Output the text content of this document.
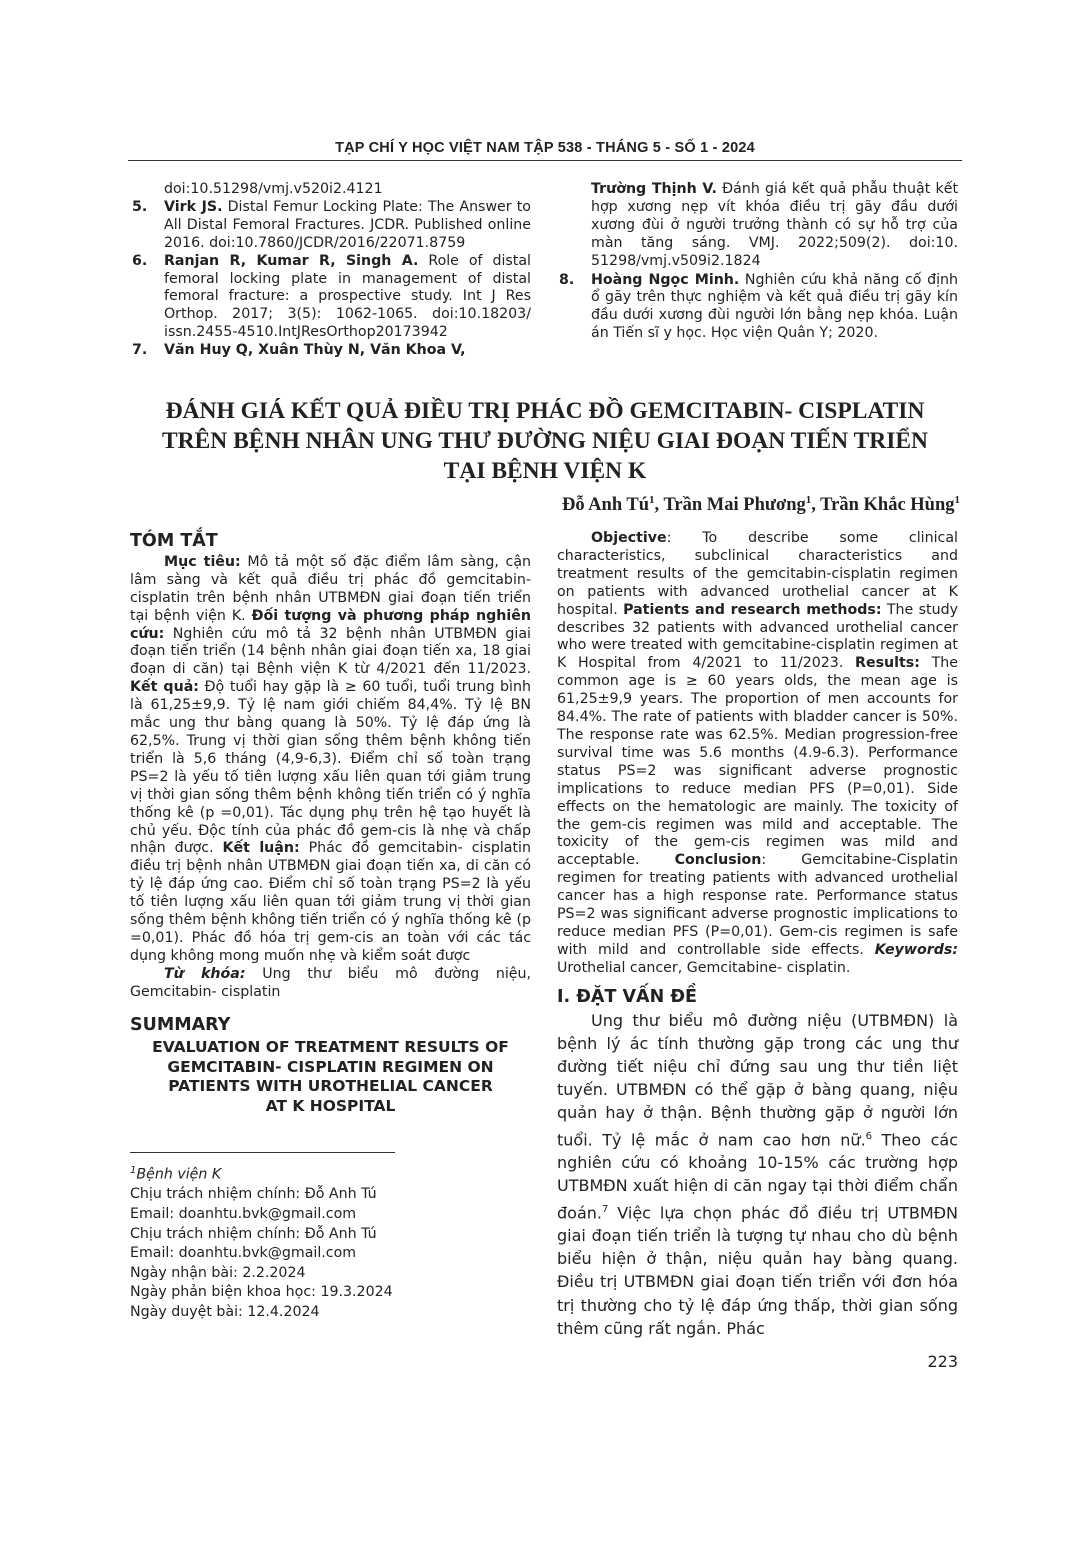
TẠP CHÍ Y HỌC VIỆT NAM TẬP 538 - THÁNG 5 - SỐ 1 - 2024
doi:10.51298/vmj.v520i2.4121
5. Virk JS. Distal Femur Locking Plate: The Answer to All Distal Femoral Fractures. JCDR. Published online 2016. doi:10.7860/JCDR/2016/22071.8759
6. Ranjan R, Kumar R, Singh A. Role of distal femoral locking plate in management of distal femoral fracture: a prospective study. Int J Res Orthop. 2017; 3(5): 1062-1065. doi:10.18203/ issn.2455-4510.IntJResOrthop20173942
7. Văn Huy Q, Xuân Thùy N, Văn Khoa V,
Trường Thịnh V. Đánh giá kết quả phẫu thuật kết hợp xương nẹp vít khóa điều trị gãy đầu dưới xương đùi ở người trưởng thành có sự hỗ trợ của màn tăng sáng. VMJ. 2022;509(2). doi:10. 51298/vmj.v509i2.1824
8. Hoàng Ngọc Minh. Nghiên cứu khả năng cố định ổ gãy trên thực nghiệm và kết quả điều trị gãy kín đầu dưới xương đùi người lớn bằng nẹp khóa. Luận án Tiến sĩ y học. Học viện Quân Y; 2020.
ĐÁNH GIÁ KẾT QUẢ ĐIỀU TRỊ PHÁC ĐỒ GEMCITABIN- CISPLATIN
TRÊN BỆNH NHÂN UNG THƯ ĐƯỜNG NIỆU GIAI ĐOẠN TIẾN TRIỂN
TẠI BỆNH VIỆN K
Đỗ Anh $Tú^1$, Trần Mai Phương$^1$, Trần Khắc Hùng$^1$
TÓM TẮT

Mục tiêu: Mô tả một số đặc điểm lâm sàng, cận lâm sàng và kết quả điều trị phác đồ gemcitabin-cisplatin trên bệnh nhân UTBMĐN giai đoạn tiến triển tại bệnh viện K. Đối tượng và phương pháp nghiên cứu: Nghiên cứu mô tả 32 bệnh nhân UTBMĐN giai đoạn tiến triển (14 bệnh nhân giai đoạn tiến xa, 18 giai đoạn di căn) tại Bệnh viện K từ 4/2021 đến 11/2023. Kết quả: Độ tuổi hay gặp là ≥ 60 tuổi, tuổi trung bình là 61,25±9,9. Tỷ lệ nam giới chiếm 84,4%. Tỷ lệ BN mắc ung thư bàng quang là 50%. Tỷ lệ đáp ứng là 62,5%. Trung vị thời gian sống thêm bệnh không tiến triển là 5,6 tháng (4,9-6,3). Điểm chỉ số toàn trạng PS=2 là yếu tố tiên lượng xấu liên quan tới giảm trung vị thời gian sống thêm bệnh không tiến triển có ý nghĩa thống kê (p =0,01). Tác dụng phụ trên hệ tạo huyết là chủ yếu. Độc tính của phác đồ gem-cis là nhẹ và chấp nhận được. Kết luận: Phác đồ gemcitabin- cisplatin điều trị bệnh nhân UTBMĐN giai đoạn tiến xa, di căn có tỷ lệ đáp ứng cao. Điểm chỉ số toàn trạng PS=2 là yếu tố tiên lượng xấu liên quan tới giảm trung vị thời gian sống thêm bệnh không tiến triển có ý nghĩa thống kê (p =0,01). Phác đồ hóa trị gem-cis an toàn với các tác dụng không mong muốn nhẹ và kiểm soát được

Từ khóa: Ung thư biểu mô đường niệu, Gemcitabin- cisplatin

SUMMARY
EVALUATION OF TREATMENT RESULTS OF
GEMCITABIN- CISPLATIN REGIMEN ON
PATIENTS WITH UROTHELIAL CANCER
AT K HOSPITAL
$^1$Bệnh viện K
Chịu trách nhiệm chính: Đỗ Anh Tú
Email: doanhtu.bvk@gmail.com
Chịu trách nhiệm chính: Đỗ Anh Tú
Email: doanhtu.bvk@gmail.com
Ngày nhận bài: 2.2.2024
Ngày phản biện khoa học: 19.3.2024
Ngày duyệt bài: 12.4.2024

Objective: To describe some clinical characteristics, subclinical characteristics and treatment results of the gemcitabin-cisplatin regimen on patients with advanced urothelial cancer at K hospital. Patients and research methods: The study describes 32 patients with advanced urothelial cancer who were treated with gemcitabine-cisplatin regimen at K Hospital from 4/2021 to 11/2023. Results: The common age is ≥ 60 years olds, the mean age is 61,25±9,9 years. The proportion of men accounts for 84.4%. The rate of patients with bladder cancer is 50%. The response rate was 62.5%. Median progression-free survival time was 5.6 months (4.9-6.3). Performance status PS=2 was significant adverse prognostic implications to reduce median PFS (P=0,01). Side effects on the hematologic are mainly. The toxicity of the gem-cis regimen was mild and acceptable. The toxicity of the gem-cis regimen was mild and acceptable. Conclusion: Gemcitabine-Cisplatin regimen for treating patients with advanced urothelial cancer has a high response rate. Performance status PS=2 was significant adverse prognostic implications to reduce median PFS (P=0,01). Gem-cis regimen is safe with mild and controllable side effects. Keywords: Urothelial cancer, Gemcitabine- cisplatin.

I. ĐẶT VẤN ĐỀ

Ung thư biểu mô đường niệu (UTBMĐN) là bệnh lý ác tính thường gặp trong các ung thư đường tiết niệu chỉ đứng sau ung thư tiền liệt tuyến. UTBMĐN có thể gặp ở bàng quang, niệu quản hay ở thận. Bệnh thường gặp ở người lớn tuổi. Tỷ lệ mắc ở nam cao hơn nữ.$^6$ Theo các nghiên cứu có khoảng 10-15% các trường hợp UTBMĐN xuất hiện di căn ngay tại thời điểm chẩn đoán.$^7$ Việc lựa chọn phác đồ điều trị UTBMĐN giai đoạn tiến triển là tượng tự nhau cho dù bệnh biểu hiện ở thận, niệu quản hay bàng quang. Điều trị UTBMĐN giai đoạn tiến triển với đơn hóa trị thường cho tỷ lệ đáp ứng thấp, thời gian sống thêm cũng rất ngắn. Phác

223
